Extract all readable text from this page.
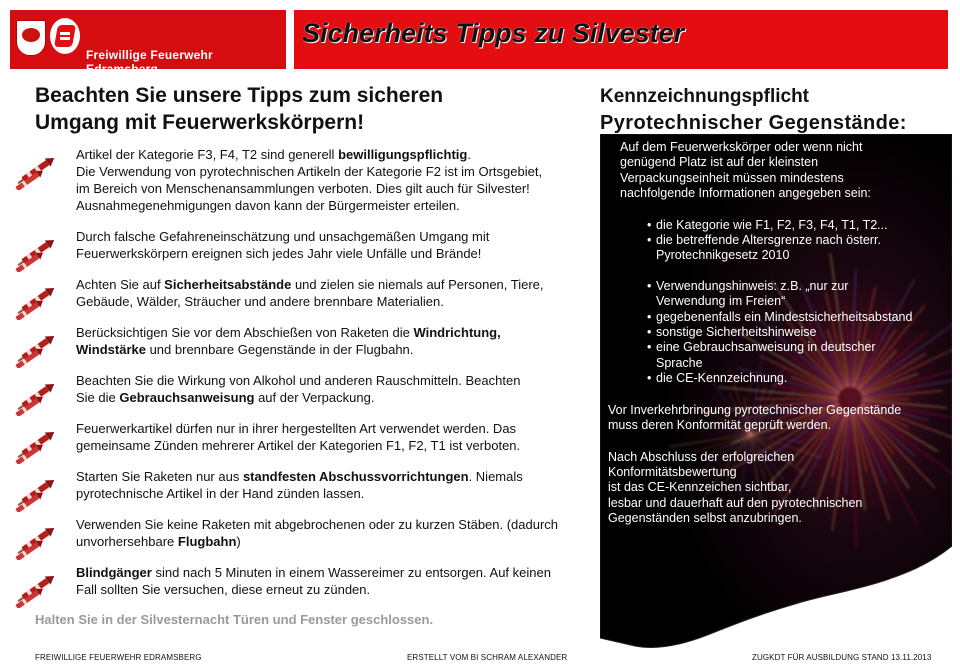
Freiwillige Feuerwehr Edramsberg
Sicherheits Tipps zu Silvester
Beachten Sie unsere Tipps zum sicheren
Umgang mit Feuerwerkskörpern!
Artikel der Kategorie F3, F4, T2 sind generell bewilligungspflichtig.
Die Verwendung von pyrotechnischen Artikeln der Kategorie F2 ist im Ortsgebiet,
im Bereich von Menschenansammlungen verboten. Dies gilt auch für Silvester!
Ausnahmegenehmigungen davon kann der Bürgermeister erteilen.
Durch falsche Gefahreneinschätzung und unsachgemäßen Umgang mit
Feuerwerkskörpern ereignen sich jedes Jahr viele Unfälle und Brände!
Achten Sie auf Sicherheitsabstände und zielen sie niemals auf Personen, Tiere,
Gebäude, Wälder, Sträucher und andere brennbare Materialien.
Berücksichtigen Sie vor dem Abschießen von Raketen die Windrichtung,
Windstärke und brennbare Gegenstände in der Flugbahn.
Beachten Sie die Wirkung von Alkohol und anderen Rauschmitteln. Beachten
Sie die Gebrauchsanweisung auf der Verpackung.
Feuerwerkartikel dürfen nur in ihrer hergestellten Art verwendet werden. Das
gemeinsame Zünden mehrerer Artikel der Kategorien F1, F2, T1 ist verboten.
Starten Sie Raketen nur aus standfesten Abschussvorrichtungen. Niemals
pyrotechnische Artikel in der Hand zünden lassen.
Verwenden Sie keine Raketen mit abgebrochenen oder zu kurzen Stäben. (dadurch
unvorhersehbare Flugbahn)
Blindgänger sind nach 5 Minuten in einem Wassereimer zu entsorgen. Auf keinen
Fall sollten Sie versuchen, diese erneut zu zünden.
Halten Sie in der Silvesternacht Türen und Fenster geschlossen.
Kennzeichnungspflicht
Pyrotechnischer Gegenstände:

Auf dem Feuerwerkskörper oder wenn nicht
genügend Platz ist auf der kleinsten
Verpackungseinheit müssen mindestens
nachfolgende Informationen angegeben sein:

• die Kategorie wie F1, F2, F3, F4, T1, T2...
• die betreffende Altersgrenze nach österr.
Pyrotechnikgesetz 2010
• Verwendungshinweis: z.B. „nur zur
Verwendung im Freien“
• gegebenenfalls ein Mindestsicherheitsabstand
• sonstige Sicherheitshinweise
• eine Gebrauchsanweisung in deutscher
Sprache
• die CE-Kennzeichnung.

Vor Inverkehrbringung pyrotechnischer Gegenstände
muss deren Konformität geprüft werden.

Nach Abschluss der erfolgreichen
Konformitätsbewertung
ist das CE-Kennzeichen sichtbar,
lesbar und dauerhaft auf den pyrotechnischen
Gegenständen selbst anzubringen.

FREIWILLIGE FEUERWEHR EDRAMSBERG	ERSTELLT VOM BI SCHRAM ALEXANDER	ZUGKDT FÜR AUSBILDUNG STAND 13.11.2013
